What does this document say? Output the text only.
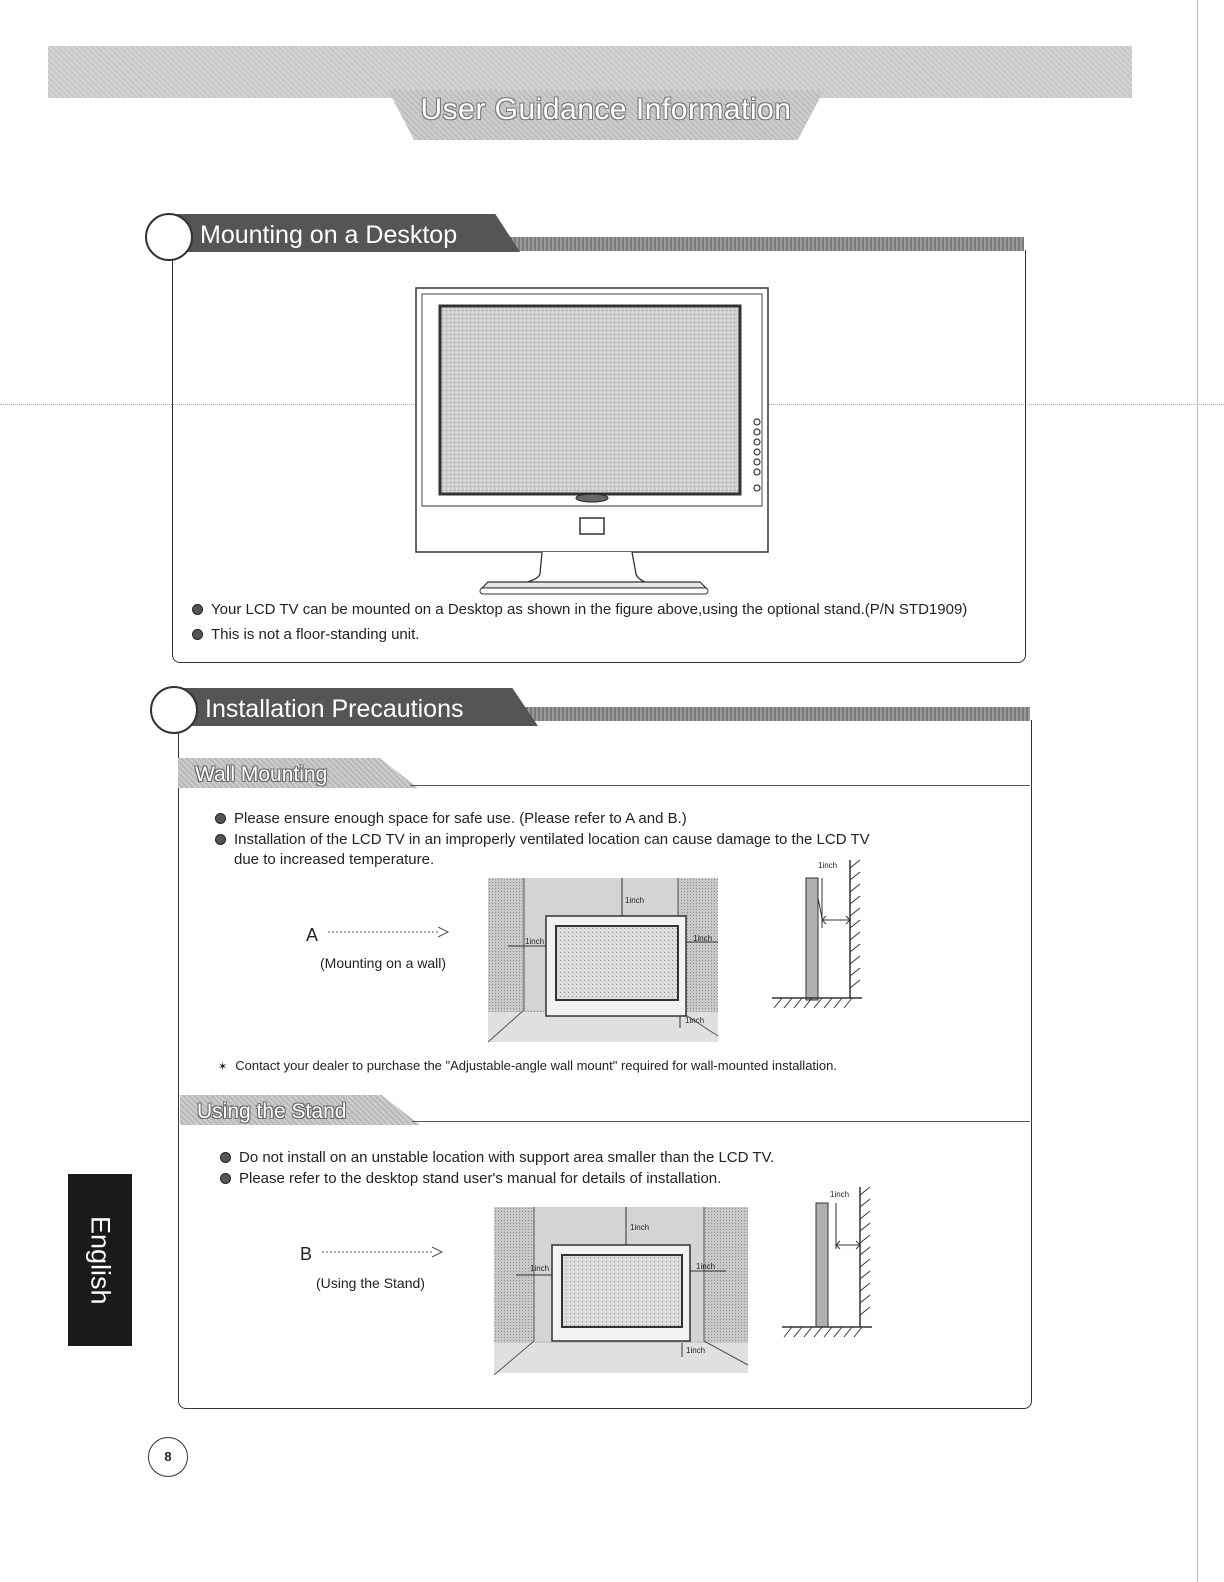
User Guidance Information
Mounting on a Desktop
Your LCD TV can be mounted on a Desktop as shown in the figure above,using the optional stand.(P/N STD1909)
This is not a floor-standing unit.
Installation Precautions
Wall Mounting
Please ensure enough space for safe use. (Please refer to A and B.)
Installation of the LCD TV in an improperly ventilated location can cause damage to the LCD TV
due to increased temperature.
A
(Mounting on a wall)
1inch
1inch	1inch
1inch
1inch
✶ Contact your dealer to purchase the "Adjustable-angle wall mount" required for wall-mounted installation.
Using the Stand
Do not install on an unstable location with support area smaller than the LCD TV.
Please refer to the desktop stand user's manual for details of installation.
B
(Using the Stand)
1inch
1inch	1inch
1inch
1inch
English
8
